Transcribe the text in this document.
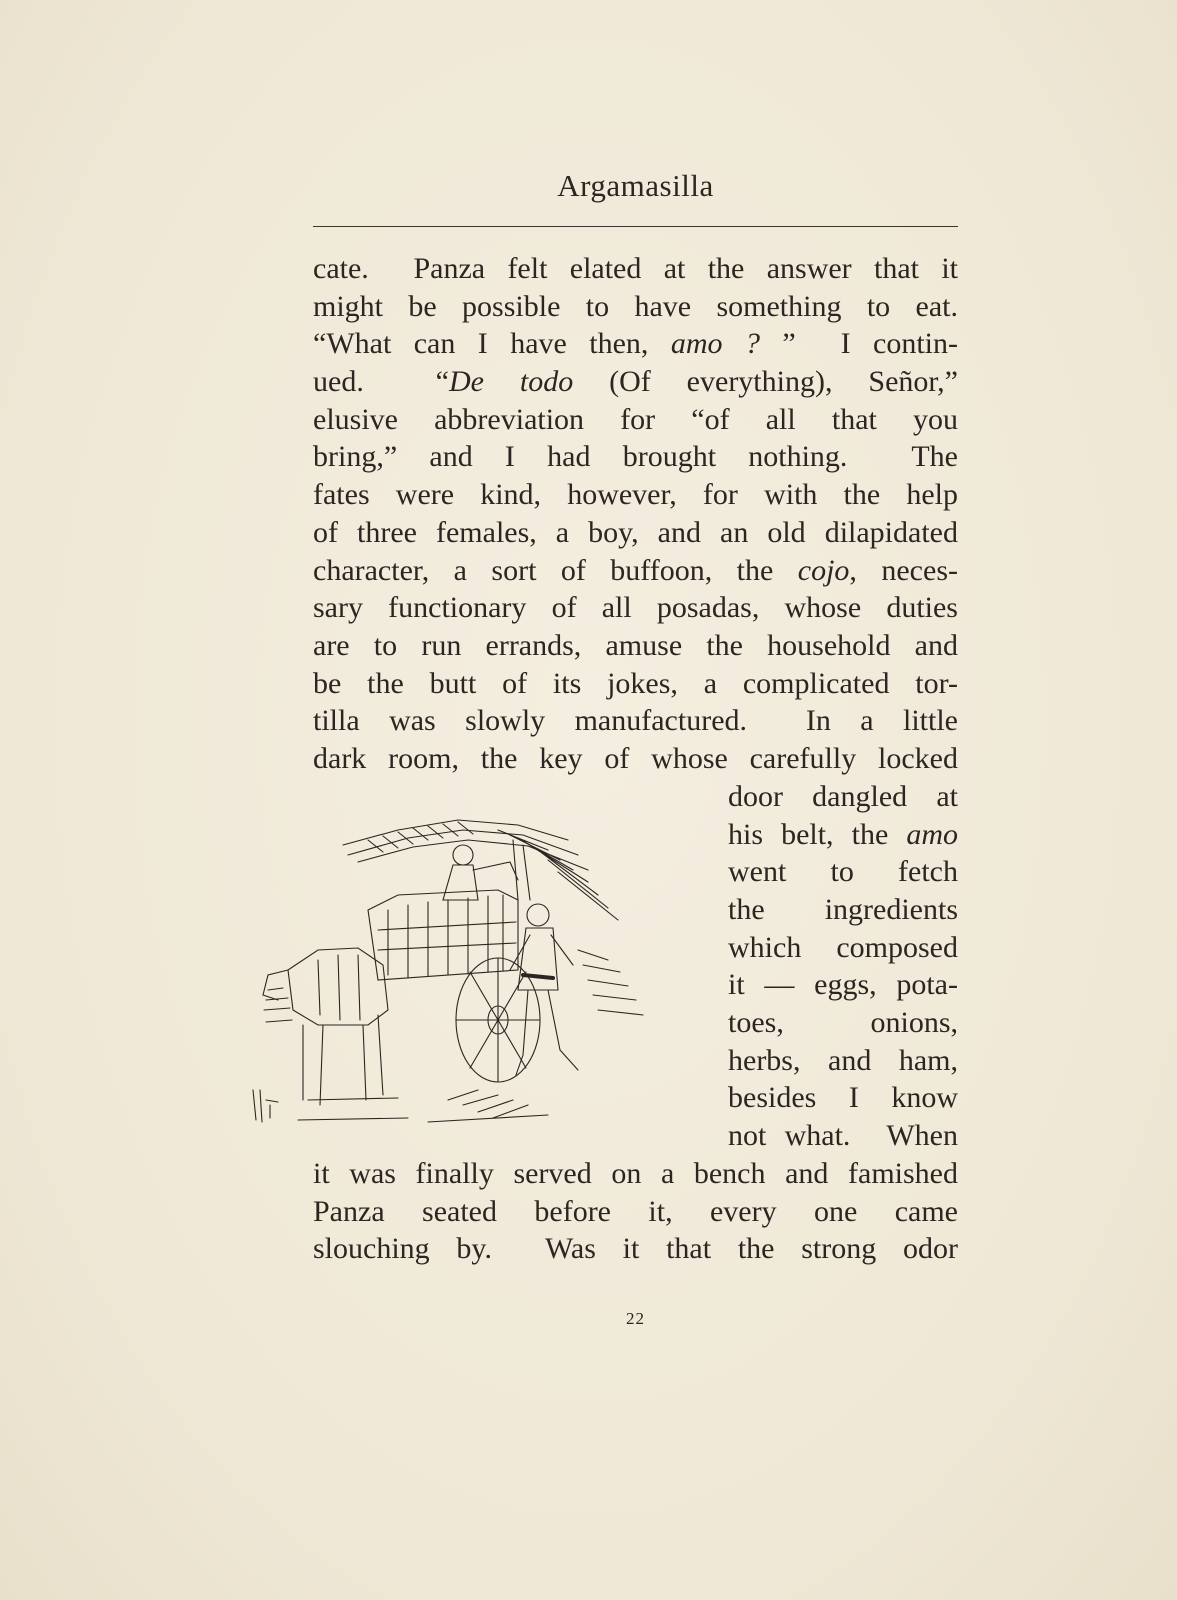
Argamasilla
cate.  Panza felt elated at the answer that it
might be possible to have something to eat.
“What can I have then, amo ? ”  I contin-
ued.  “De todo (Of everything), Señor,”
elusive abbreviation for “of all that you
bring,” and I had brought nothing.  The
fates were kind, however, for with the help
of three females, a boy, and an old dilapidated
character, a sort of buffoon, the cojo, neces-
sary functionary of all posadas, whose duties
are to run errands, amuse the household and
be the butt of its jokes, a complicated tor-
tilla was slowly manufactured.  In a little
dark room, the key of whose carefully locked
door dangled at
his belt, the amo
went to fetch
the ingredients
which composed
it — eggs, pota-
toes, onions,
herbs, and ham,
besides I know
not what.  When
it was finally served on a bench and famished
Panza seated before it, every one came
slouching by.  Was it that the strong odor
22
